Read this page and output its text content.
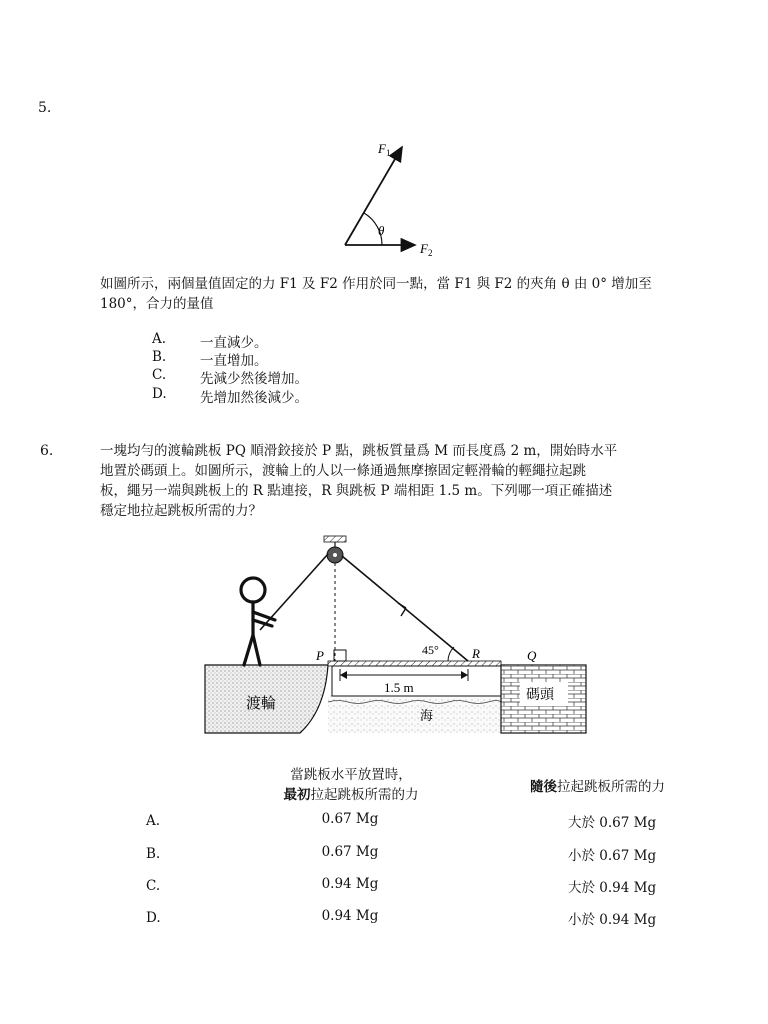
5.
$F_1$
$F_2$
θ
如圖所示，兩個量值固定的力 F1 及 F2 作用於同一點，當 F1 與 F2 的夾角 θ 由 0° 增加至
180°，合力的量值
A.	一直減少。
B.	一直增加。
C.	先減少然後增加。
D. 先增加然後減少。
6.	一塊均勻的渡輪跳板 PQ 順滑鉸接於 P 點，跳板質量爲 M 而長度爲 2 m，開始時水平
地置於碼頭上。如圖所示，渡輪上的人以一條通過無摩擦固定輕滑輪的輕繩拉起跳
板，繩另一端與跳板上的 R 點連接，R 與跳板 P 端相距 1.5 m。下列哪一項正確描述
穩定地拉起跳板所需的力？
P	R	Q
45°
1.5 m
渡輪
碼頭
海
當跳板水平放置時，
最初拉起跳板所需的力	隨後拉起跳板所需的力
A.	0.67 Mg	大於 0.67 Mg
B.	0.67 Mg	小於 0.67 Mg
C.	0.94 Mg	大於 0.94 Mg
D.	0.94 Mg	小於 0.94 Mg
